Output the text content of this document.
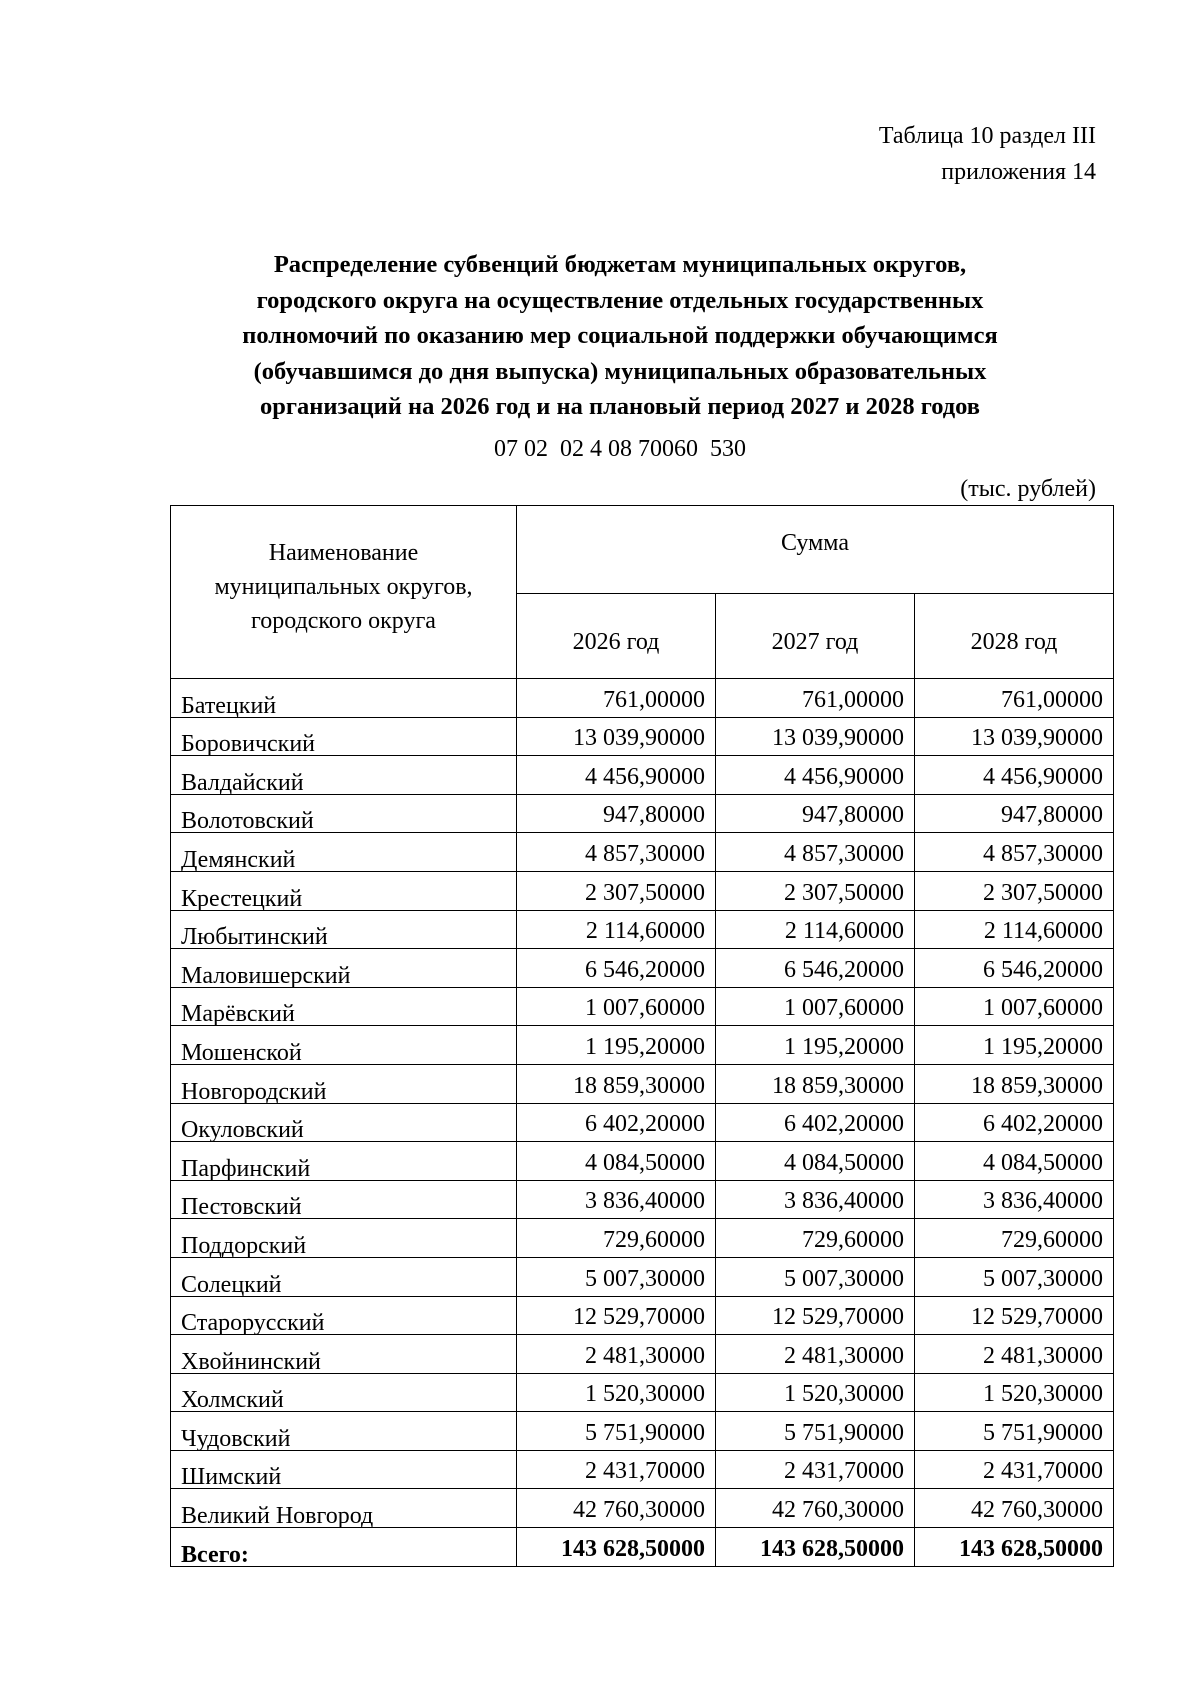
Таблица 10 раздел III
приложения 14
Распределение субвенций бюджетам муниципальных округов,
городского округа на осуществление отдельных государственных
полномочий по оказанию мер социальной поддержки обучающимся
(обучавшимся до дня выпуска) муниципальных образовательных
организаций на 2026 год и на плановый период 2027 и 2028 годов
07 02  02 4 08 70060  530
(тыс. рублей)
Наименование
муниципальных округов,
городского округа	Сумма		
	2026 год	2027 год	2028 год
Батецкий	761,00000	761,00000	761,00000
Боровичский	13 039,90000	13 039,90000	13 039,90000
Валдайский	4 456,90000	4 456,90000	4 456,90000
Волотовский	947,80000	947,80000	947,80000
Демянский	4 857,30000	4 857,30000	4 857,30000
Крестецкий	2 307,50000	2 307,50000	2 307,50000
Любытинский	2 114,60000	2 114,60000	2 114,60000
Маловишерский	6 546,20000	6 546,20000	6 546,20000
Марёвский	1 007,60000	1 007,60000	1 007,60000
Мошенской	1 195,20000	1 195,20000	1 195,20000
Новгородский	18 859,30000	18 859,30000	18 859,30000
Окуловский	6 402,20000	6 402,20000	6 402,20000
Парфинский	4 084,50000	4 084,50000	4 084,50000
Пестовский	3 836,40000	3 836,40000	3 836,40000
Поддорский	729,60000	729,60000	729,60000
Солецкий	5 007,30000	5 007,30000	5 007,30000
Старорусский	12 529,70000	12 529,70000	12 529,70000
Хвойнинский	2 481,30000	2 481,30000	2 481,30000
Холмский	1 520,30000	1 520,30000	1 520,30000
Чудовский	5 751,90000	5 751,90000	5 751,90000
Шимский	2 431,70000	2 431,70000	2 431,70000
Великий Новгород	42 760,30000	42 760,30000	42 760,30000
Всего:	143 628,50000	143 628,50000	143 628,50000
